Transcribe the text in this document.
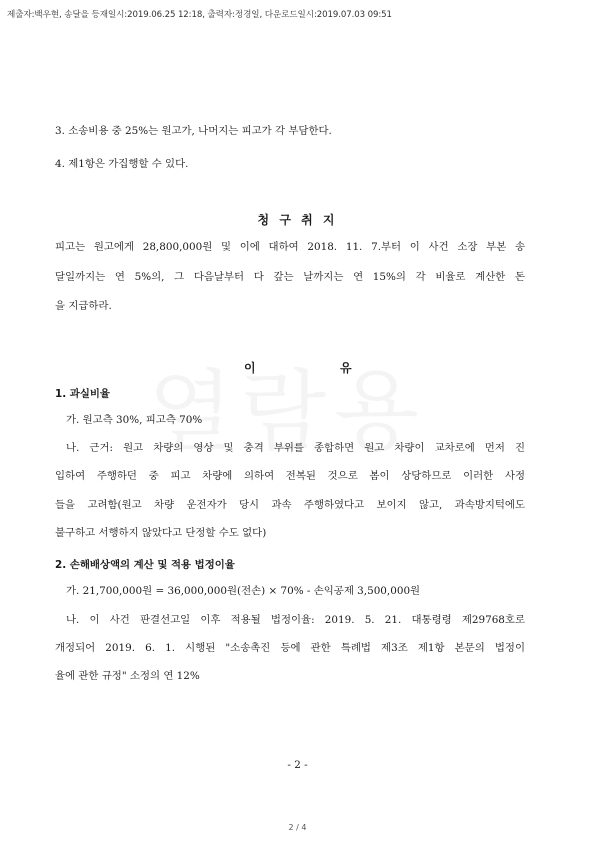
제출자:백우현, 송달을 등재일시:2019.06.25 12:18, 출력자:정경일, 다운로드일시:2019.07.03 09:51
3. 소송비용 중 25%는 원고가, 나머지는 피고가 각 부담한다.
4. 제1항은 가집행할 수 있다.
청 구 취 지
피고는 원고에게 28,800,000원 및 이에 대하여 2018. 11. 7.부터 이 사건 소장 부본 송
달일까지는 연 5%의, 그 다음날부터 다 갚는 날까지는 연 15%의 각 비율로 계산한 돈
을 지급하라.
이	유
1. 과실비율
가. 원고측 30%, 피고측 70%
나. 근거: 원고 차량의 영상 및 충격 부위를 종합하면 원고 차량이 교차로에 먼저 진
입하여 주행하던 중 피고 차량에 의하여 전복된 것으로 봄이 상당하므로 이러한 사정
들을 고려함(원고 차량 운전자가 당시 과속 주행하였다고 보이지 않고, 과속방지턱에도
불구하고 서행하지 않았다고 단정할 수도 없다)
2. 손해배상액의 계산 및 적용 법정이율
가. 21,700,000원 = 36,000,000원(전손) × 70% - 손익공제 3,500,000원
나. 이 사건 판결선고일 이후 적용될 법정이율: 2019. 5. 21. 대통령령 제29768호로
개정되어 2019. 6. 1. 시행된 "소송촉진 등에 관한 특례법 제3조 제1항 본문의 법정이
율에 관한 규정" 소정의 연 12%
- 2 -
2 / 4
